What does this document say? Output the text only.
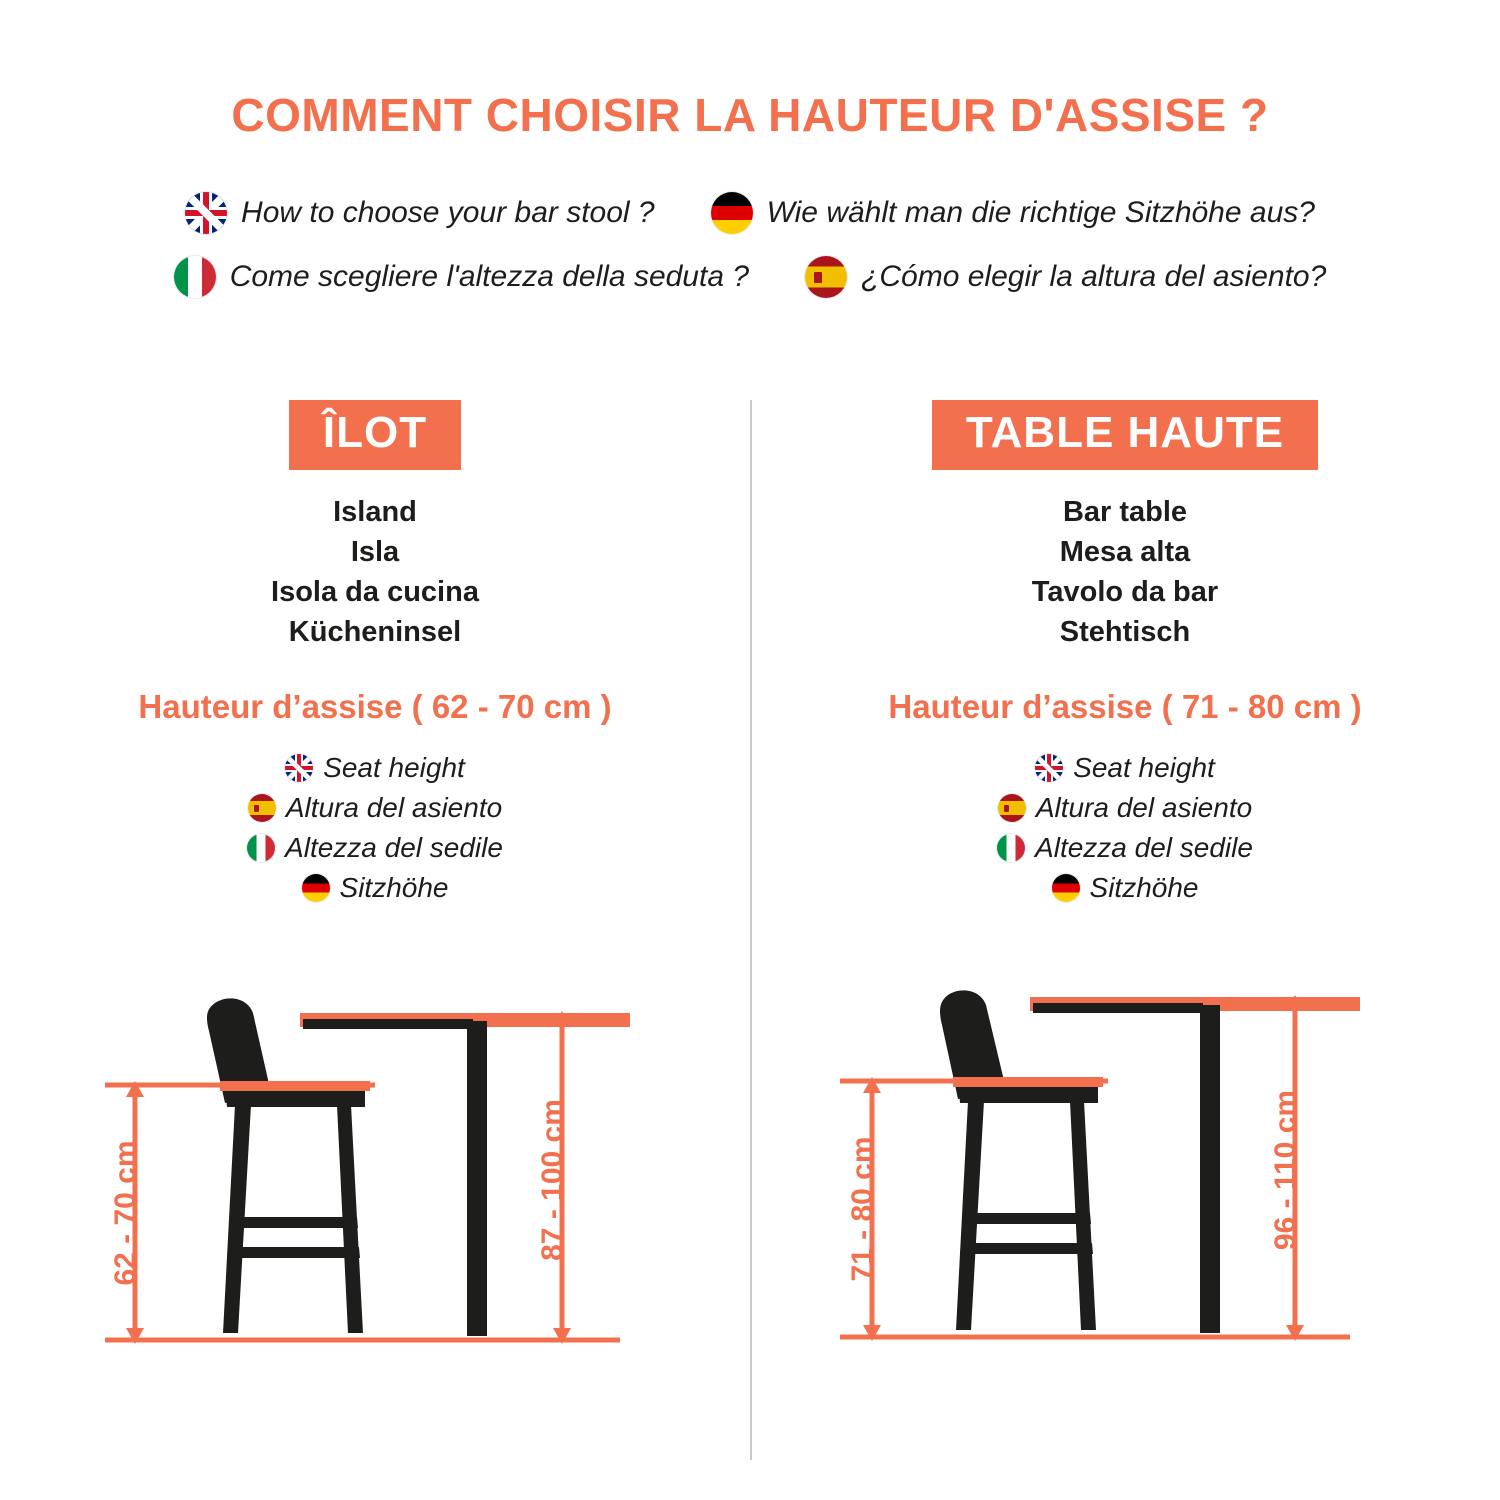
COMMENT CHOISIR LA HAUTEUR D'ASSISE ?
How to choose your bar stool ?	Wie wählt man die richtige Sitzhöhe aus?
Come scegliere l'altezza della seduta ?	¿Cómo elegir la altura del asiento?
ÎLOT
Island
Isla
Isola da cucina
Kücheninsel
Hauteur d’assise ( 62 - 70 cm )
Seat height
Altura del asiento
Altezza del sedile
Sitzhöhe
TABLE HAUTE
Bar table
Mesa alta
Tavolo da bar
Stehtisch
Hauteur d’assise ( 71 - 80 cm )
Seat height
Altura del asiento
Altezza del sedile
Sitzhöhe
62 - 70 cm	87 - 100 cm	71 - 80 cm	96 - 110 cm
